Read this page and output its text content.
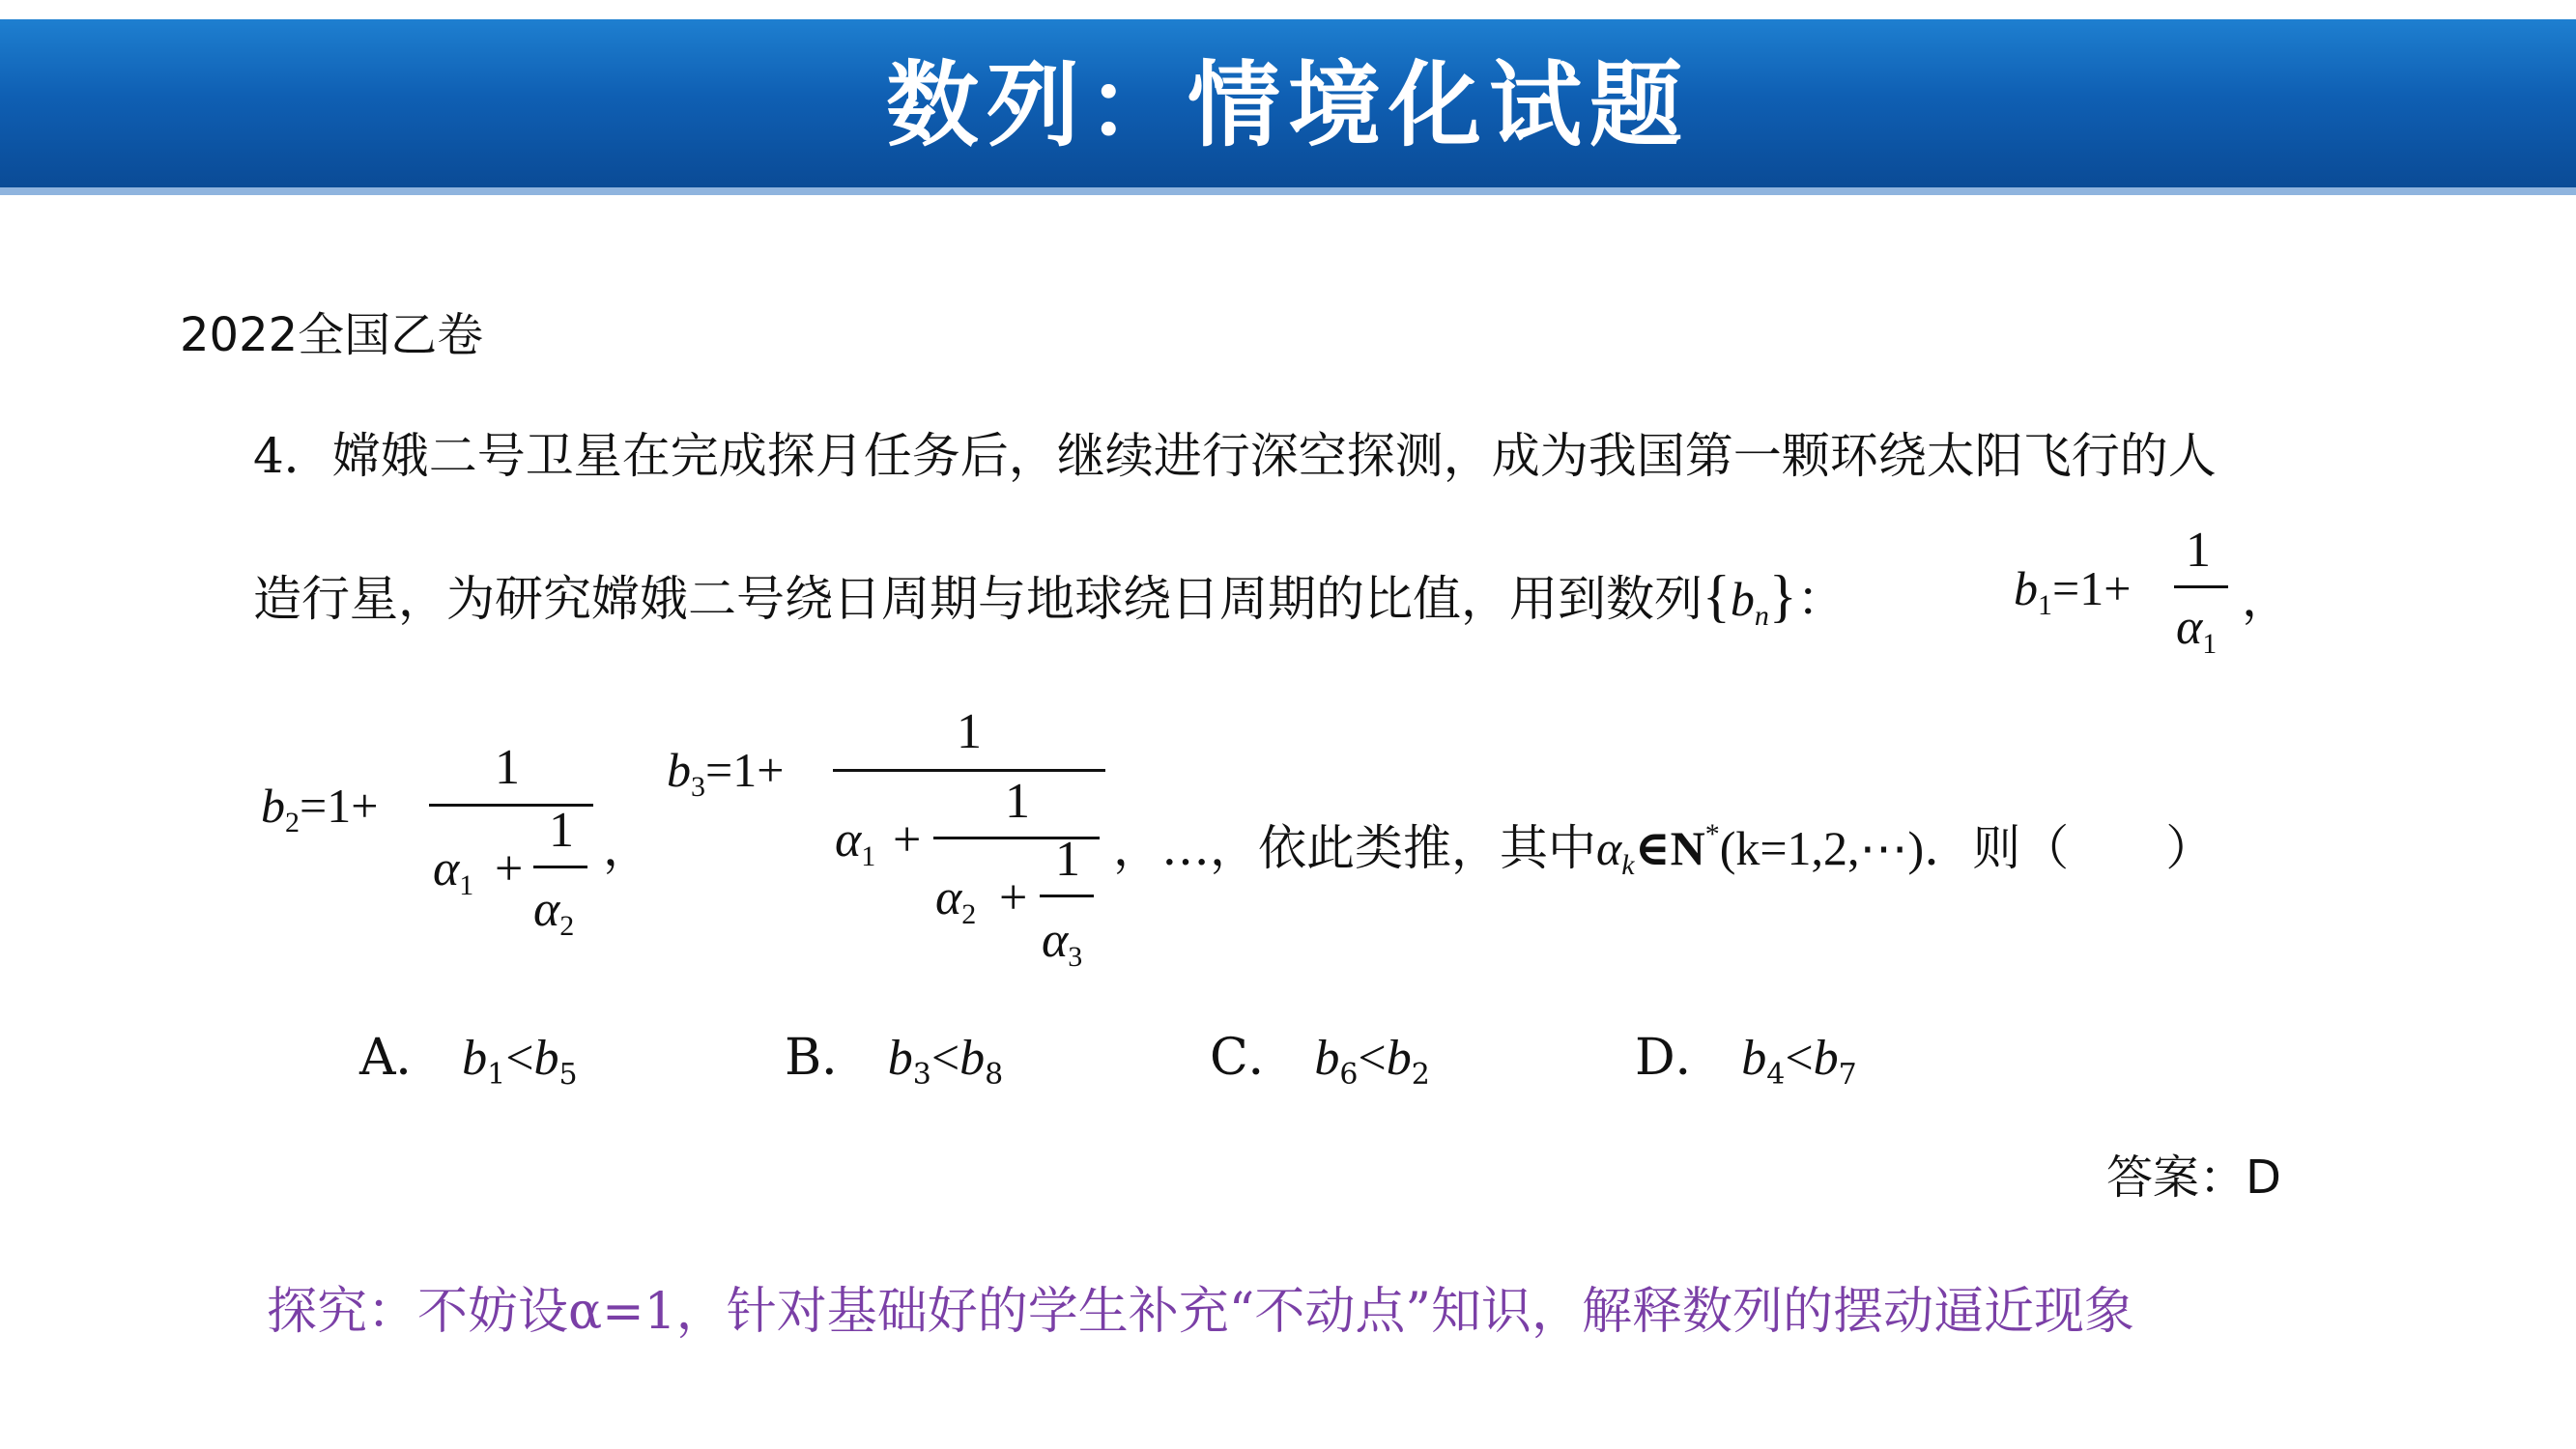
数列：情境化试题
2022全国乙卷
4．嫦娥二号卫星在完成探月任务后，继续进行深空探测，成为我国第一颗环绕太阳飞行的人
造行星，为研究嫦娥二号绕日周期与地球绕日周期的比值，用到数列$\{b_n\}$：	$b_1=1+$
1
α1
，
$b_2=1+$
1
α1 +
1
α2
，
$b_3=1+$
1
α1 +
1
α2 +
1
α3
，…，依此类推，其中$\alpha_k\in N^*(k=1,2,\cdots)$．则（　　）
A． b1<b5	B． b3<b8	C． b6<b2	D． b4<b7
答案：D
探究：不妨设α=1，针对基础好的学生补充“不动点”知识，解释数列的摆动逼近现象
